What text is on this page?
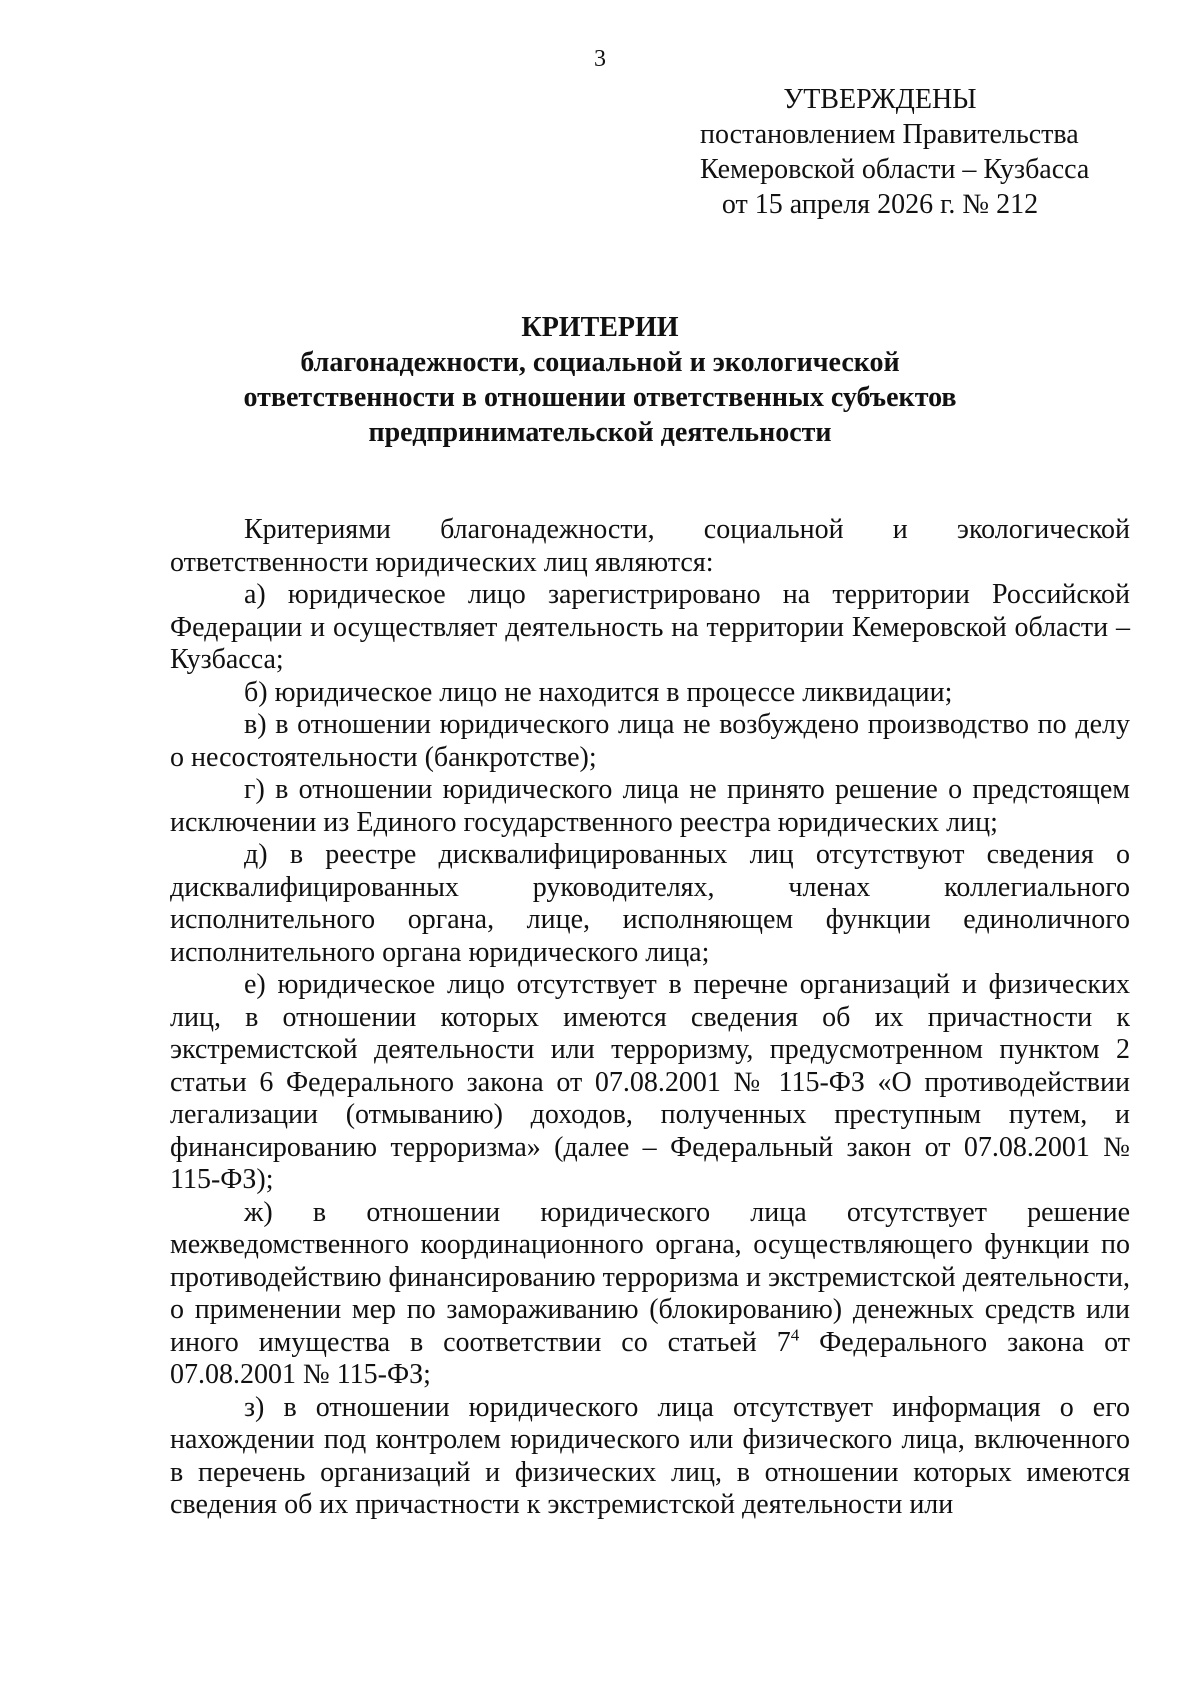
3
УТВЕРЖДЕНЫ
постановлением Правительства
Кемеровской области – Кузбасса
от 15 апреля 2026 г. № 212
КРИТЕРИИ
благонадежности, социальной и экологической
ответственности в отношении ответственных субъектов
предпринимательской деятельности

Критериями благонадежности, социальной и экологической ответственности юридических лиц являются:

а) юридическое лицо зарегистрировано на территории Российской Федерации и осуществляет деятельность на территории Кемеровской области – Кузбасса;

б) юридическое лицо не находится в процессе ликвидации;

в) в отношении юридического лица не возбуждено производство по делу о несостоятельности (банкротстве);

г) в отношении юридического лица не принято решение о предстоящем исключении из Единого государственного реестра юридических лиц;

д) в реестре дисквалифицированных лиц отсутствуют сведения о дисквалифицированных руководителях, членах коллегиального исполнительного органа, лице, исполняющем функции единоличного исполнительного органа юридического лица;

е) юридическое лицо отсутствует в перечне организаций и физических лиц, в отношении которых имеются сведения об их причастности к экстремистской деятельности или терроризму, предусмотренном пунктом 2 статьи 6 Федерального закона от 07.08.2001 № 115-ФЗ «О противодействии легализации (отмыванию) доходов, полученных преступным путем, и финансированию терроризма» (далее – Федеральный закон от 07.08.2001 № 115-ФЗ);

ж) в отношении юридического лица отсутствует решение межведомственного координационного органа, осуществляющего функции по противодействию финансированию терроризма и экстремистской деятельности, о применении мер по замораживанию (блокированию) денежных средств или иного имущества в соответствии со статьей $7^4$ Федерального закона от 07.08.2001 № 115-ФЗ;

з) в отношении юридического лица отсутствует информация о его нахождении под контролем юридического или физического лица, включенного в перечень организаций и физических лиц, в отношении которых имеются сведения об их причастности к экстремистской деятельности или
